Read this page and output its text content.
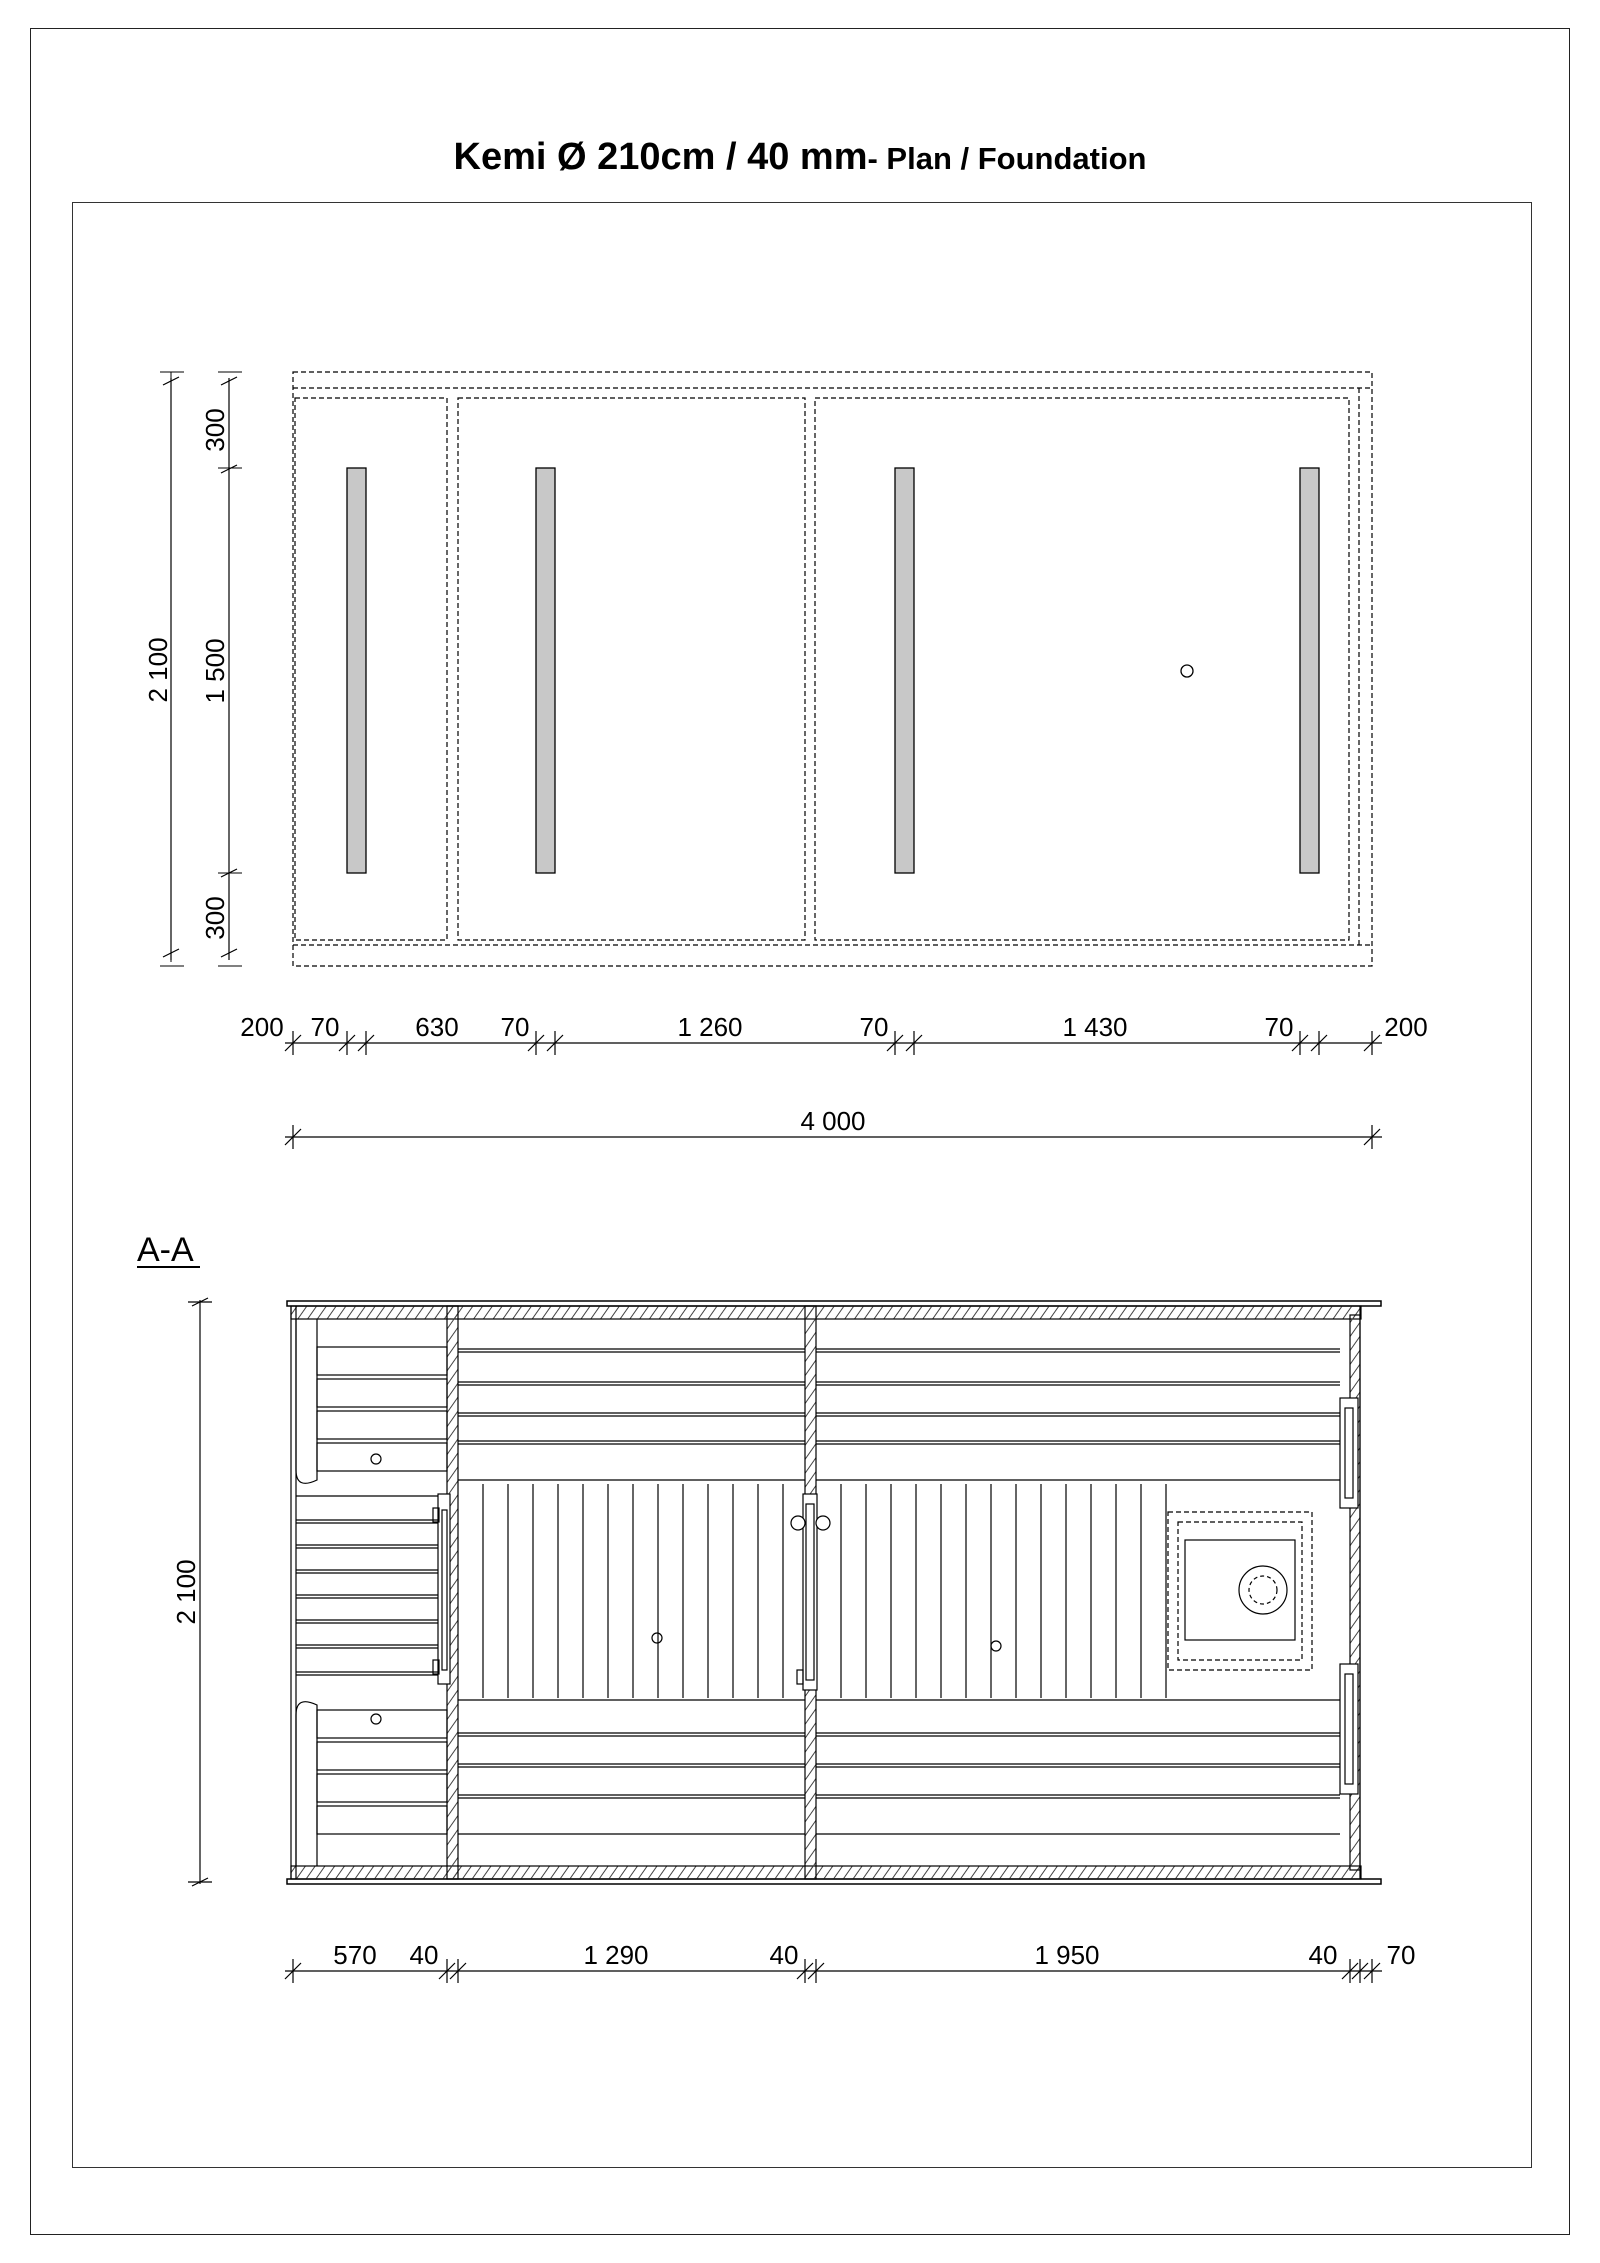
Kemi Ø 210cm / 40 mm- Plan / Foundation
2 100
300
1 500
300
200 70	630 70	1 260	70	1 430	70	200
4 000
A-A
2 100
570 40	1 290	40	1 950	40 70
